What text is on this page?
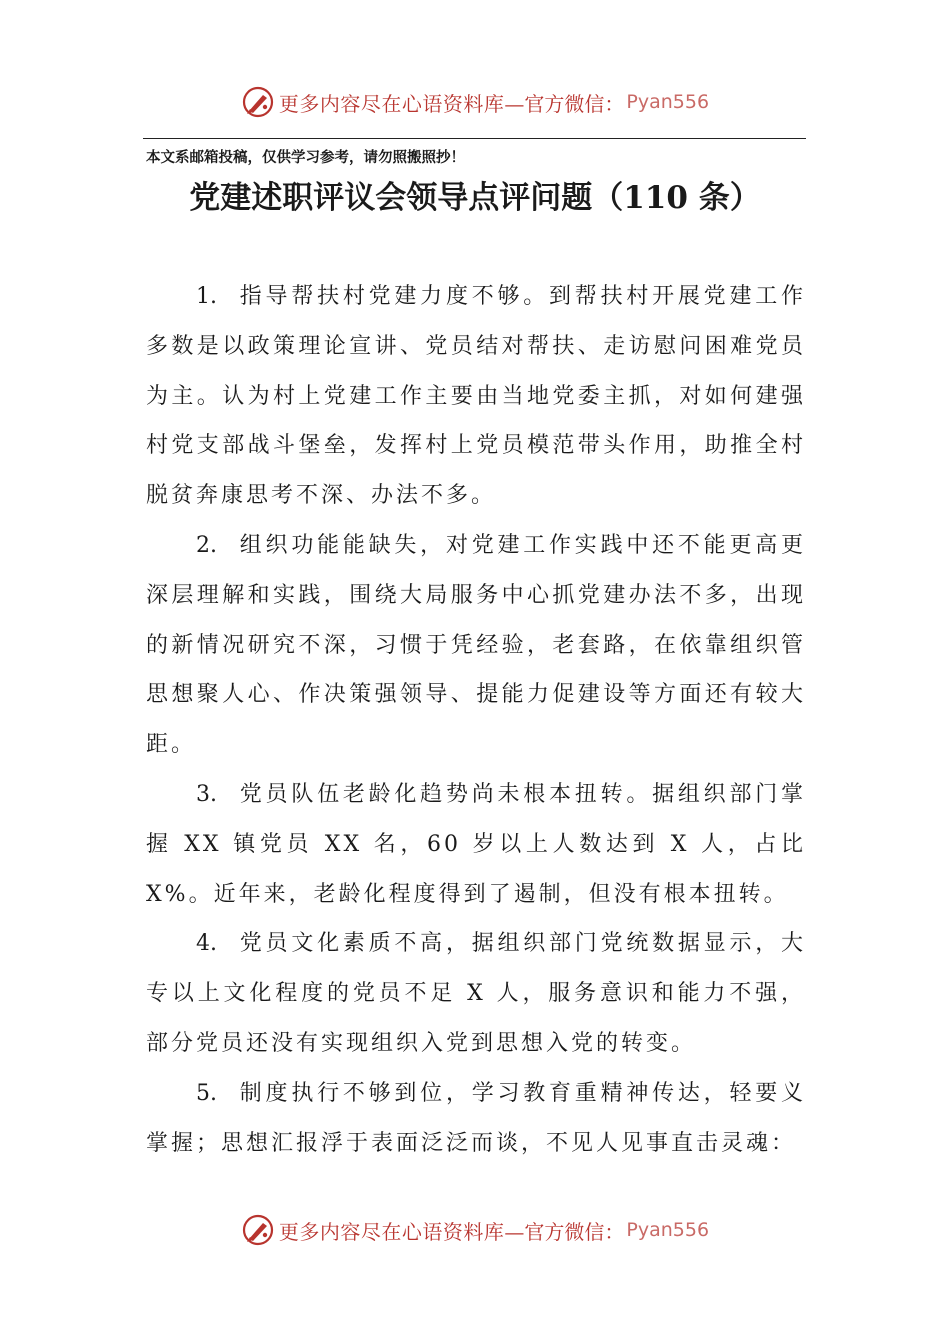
更多内容尽在心语资料库 —官方微信： Pyan556
本文系邮箱投稿，仅供学习参考，请勿照搬照抄！
党建述职评议会领导点评问题（110 条）

1. 指导帮扶村党建力度不够。到帮扶村开展党建工作多数是以政策理论宣讲、党员结对帮扶、走访慰问困难党员为主。认为村上党建工作主要由当地党委主抓，对如何建强村党支部战斗堡垒，发挥村上党员模范带头作用，助推全村脱贫奔康思考不深、办法不多。

2. 组织功能能缺失，对党建工作实践中还不能更高更深层理解和实践，围绕大局服务中心抓党建办法不多，出现的新情况研究不深，习惯于凭经验，老套路，在依靠组织管思想聚人心、作决策强领导、提能力促建设等方面还有较大距。

3. 党员队伍老龄化趋势尚未根本扭转。据组织部门掌握 XX 镇党员 XX 名，60 岁以上人数达到 X 人，占比 X%。近年来，老龄化程度得到了遏制，但没有根本扭转。

4. 党员文化素质不高，据组织部门党统数据显示，大专以上文化程度的党员不足 X 人，服务意识和能力不强，部分党员还没有实现组织入党到思想入党的转变。

5. 制度执行不够到位，学习教育重精神传达，轻要义掌握；思想汇报浮于表面泛泛而谈，不见人见事直击灵魂：

更多内容尽在心语资料库 —官方微信： Pyan556
